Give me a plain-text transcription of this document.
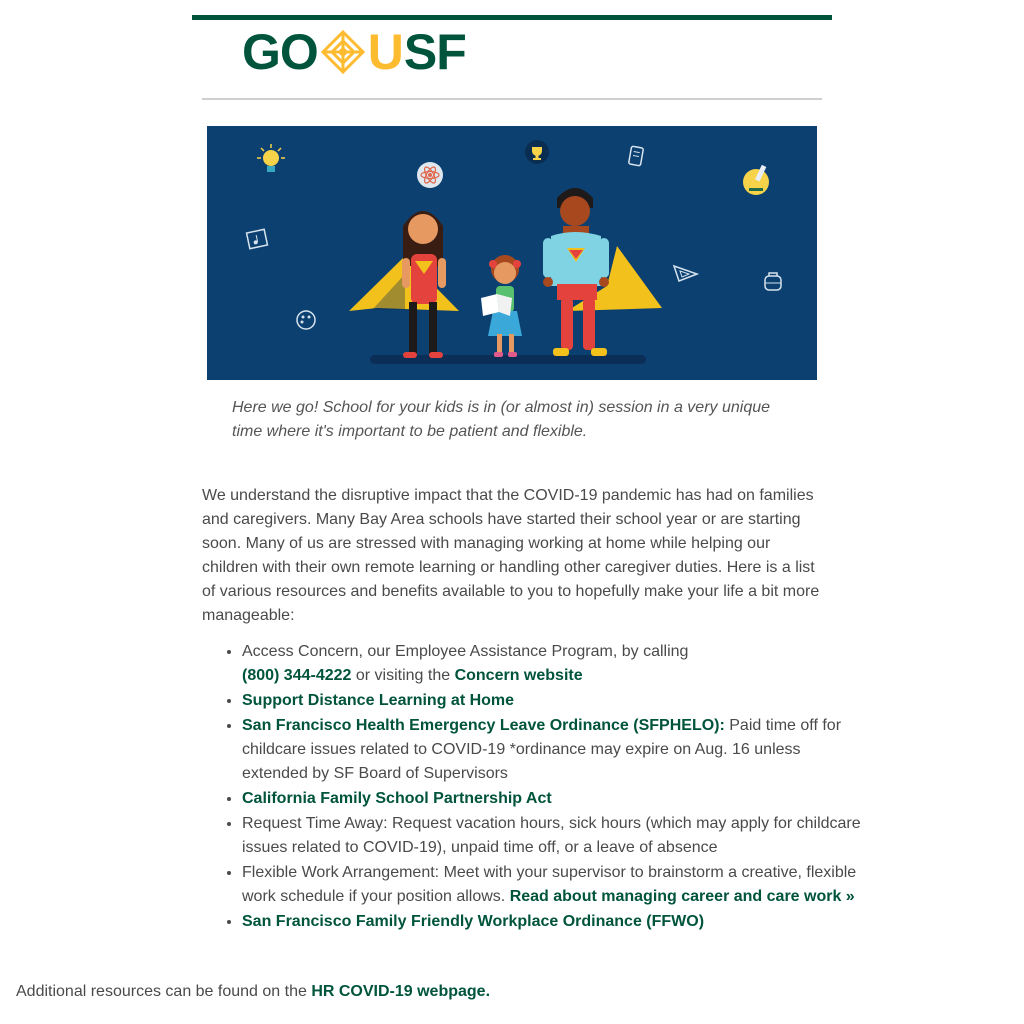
GO U SF
Here we go! School for your kids is in (or almost in) session in a very unique time where it's important to be patient and flexible.

We understand the disruptive impact that the COVID-19 pandemic has had on families and caregivers. Many Bay Area schools have started their school year or are starting soon. Many of us are stressed with managing working at home while helping our children with their own remote learning or handling other caregiver duties. Here is a list of various resources and benefits available to you to hopefully make your life a bit more manageable:

• Access Concern, our Employee Assistance Program, by calling
(800) 344-4222 or visiting the Concern website
• Support Distance Learning at Home
• San Francisco Health Emergency Leave Ordinance (SFPHELO): Paid time off for childcare issues related to COVID-19 *ordinance may expire on Aug. 16 unless extended by SF Board of Supervisors
• California Family School Partnership Act
• Request Time Away: Request vacation hours, sick hours (which may apply for childcare issues related to COVID-19), unpaid time off, or a leave of absence
• Flexible Work Arrangement: Meet with your supervisor to brainstorm a creative, flexible work schedule if your position allows. Read about managing career and care work »
• San Francisco Family Friendly Workplace Ordinance (FFWO)
Additional resources can be found on the HR COVID-19 webpage.
